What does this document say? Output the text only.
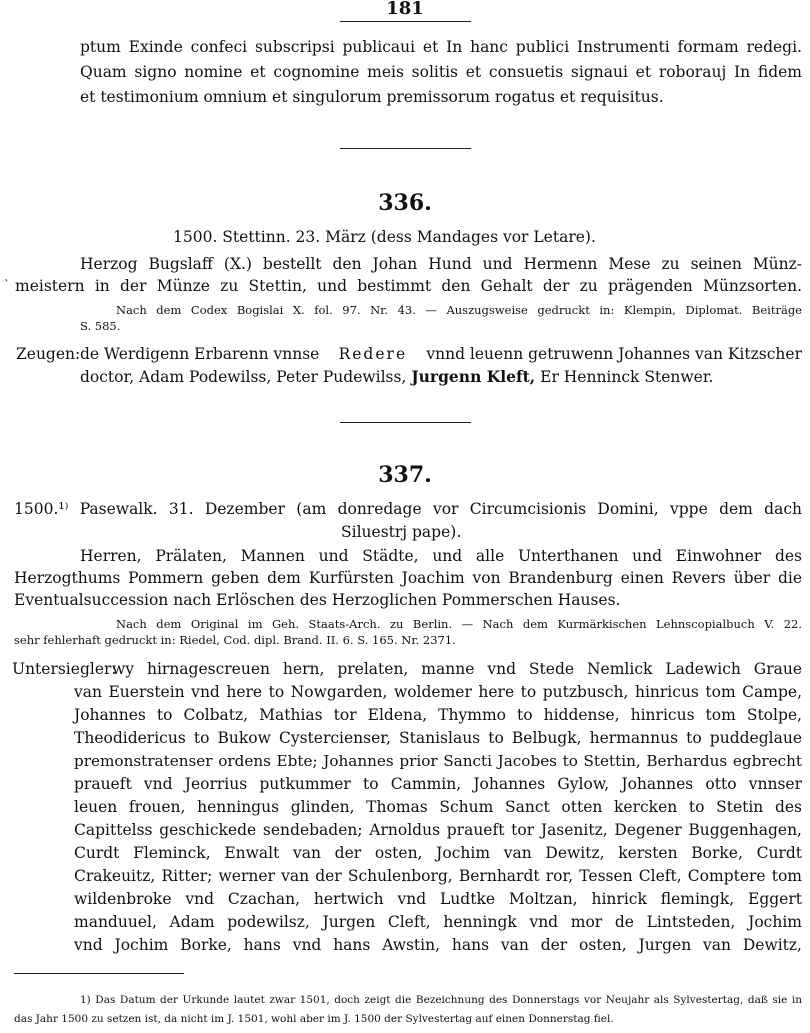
181
ptum Exinde confeci subscripsi publicaui et In hanc publici Instrumenti formam redegi.
Quam signo nomine et cognomine meis solitis et consuetis signaui et roborauj In fidem
et testimonium omnium et singulorum premissorum rogatus et requisitus.
336.
1500. Stettinn. 23. März (dess Mandages vor Letare).
Herzog Bugslaff (X.) bestellt den Johan Hund und Hermenn Mese zu seinen Münz-
` meistern in der Münze zu Stettin, und bestimmt den Gehalt der zu prägenden Münzsorten.
Nach dem Codex Bogislai X. fol. 97. Nr. 43. — Auszugsweise gedruckt in: Klempin, Diplomat. Beiträge
S. 585.
Zeugen: de Werdigenn Erbarenn vnnse Redere vnnd leuenn getruwenn Johannes van Kitzscher
doctor, Adam Podewilss, Peter Pudewilss, Jurgenn Kleft, Er Henninck Stenwer.
337.
1500.¹⁾ Pasewalk. 31. Dezember (am donredage vor Circumcisionis Domini, vppe dem dach
Siluestrj pape).
Herren, Prälaten, Mannen und Städte, und alle Unterthanen und Einwohner des
Herzogthums Pommern geben dem Kurfürsten Joachim von Brandenburg einen Revers über die
Eventualsuccession nach Erlöschen des Herzoglichen Pommerschen Hauses.
Nach dem Original im Geh. Staats-Arch. zu Berlin. — Nach dem Kurmärkischen Lehnscopialbuch V. 22.
sehr fehlerhaft gedruckt in: Riedel, Cod. dipl. Brand. II. 6. S. 165. Nr. 2371.
Untersiegler:
wy hirnagescreuen hern, prelaten, manne vnd Stede Nemlick Ladewich Graue
van Euerstein vnd here to Nowgarden, woldemer here to putzbusch, hinricus tom Campe,
Johannes to Colbatz, Mathias tor Eldena, Thymmo to hiddense, hinricus tom Stolpe,
Theodidericus to Bukow Cystercienser, Stanislaus to Belbugk, hermannus to puddeglaue
premonstratenser ordens Ebte; Johannes prior Sancti Jacobes to Stettin, Berhardus egbrecht
praueft vnd Jeorrius putkummer to Cammin, Johannes Gylow, Johannes otto vnnser
leuen frouen, henningus glinden, Thomas Schum Sanct otten kercken to Stetin des
Capittelss geschickede sendebaden; Arnoldus praueft tor Jasenitz, Degener Buggenhagen,
Curdt Fleminck, Enwalt van der osten, Jochim van Dewitz, kersten Borke, Curdt
Crakeuitz, Ritter; werner van der Schulenborg, Bernhardt ror, Tessen Cleft, Comptere tom
wildenbroke vnd Czachan, hertwich vnd Ludtke Moltzan, hinrick flemingk, Eggert
manduuel, Adam podewilsz, Jurgen Cleft, henningk vnd mor de Lintsteden, Jochim
vnd Jochim Borke, hans vnd hans Awstin, hans van der osten, Jurgen van Dewitz,
1) Das Datum der Urkunde lautet zwar 1501, doch zeigt die Bezeichnung des Donnerstags vor Neujahr als Sylvestertag, daß sie in
das Jahr 1500 zu setzen ist, da nicht im J. 1501, wohl aber im J. 1500 der Sylvestertag auf einen Donnerstag fiel.
